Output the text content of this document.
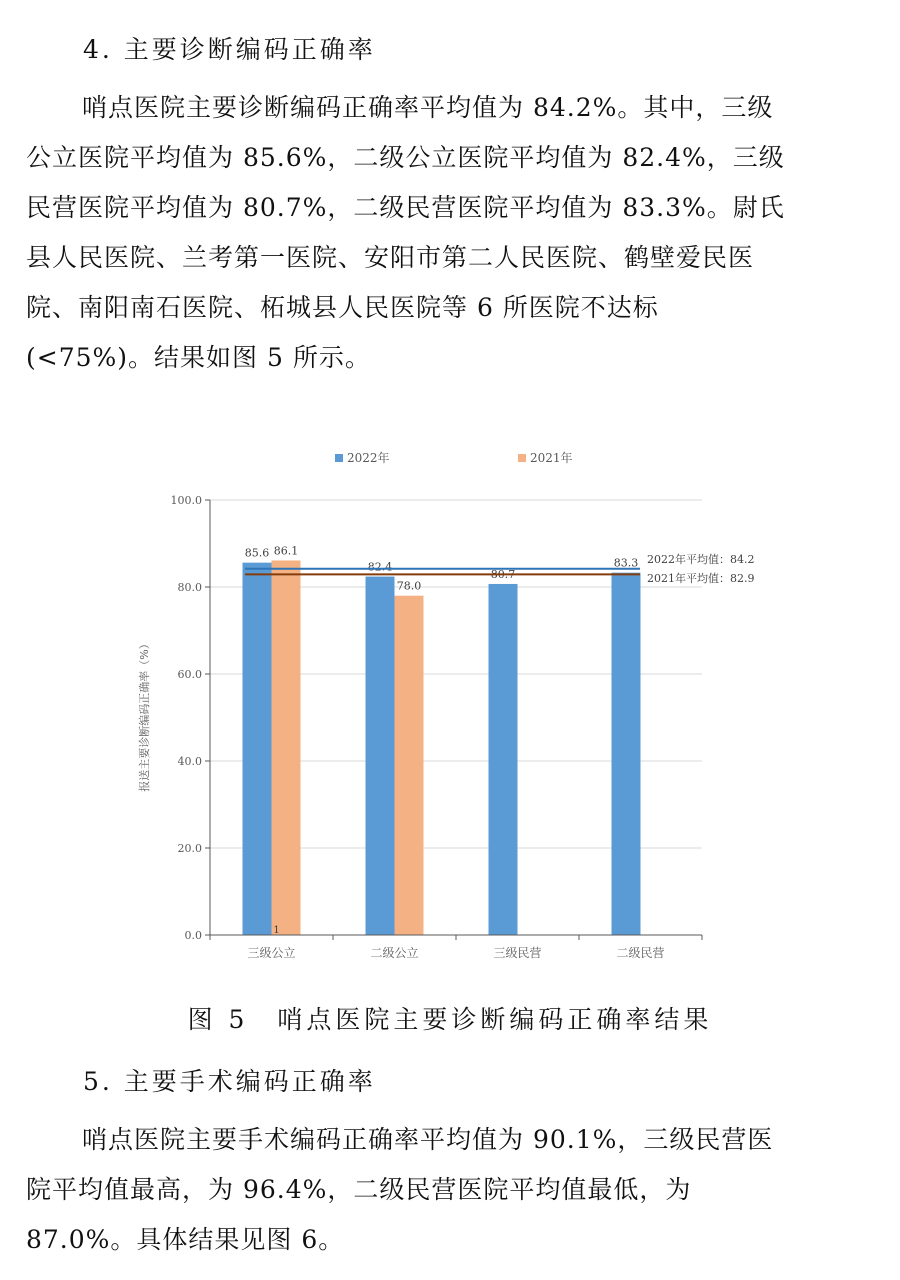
4. 主要诊断编码正确率
哨点医院主要诊断编码正确率平均值为 84.2%。其中，三级
公立医院平均值为 85.6%，二级公立医院平均值为 82.4%，三级
民营医院平均值为 80.7%，二级民营医院平均值为 83.3%。尉氏
县人民医院、兰考第一医院、安阳市第二人民医院、鹤壁爱民医
院、南阳南石医院、柘城县人民医院等 6 所医院不达标
(<75%)。结果如图 5 所示。
2022年	2021年
0.0
20.0
40.0
60.0
80.0
100.0
报送主要诊断编码正确率（%）
85.6 86.1
82.4
78.0
80.7
83.3
1
2022年平均值：84.2
2021年平均值：82.9
三级公立	二级公立	三级民营	二级民营
图 5　哨点医院主要诊断编码正确率结果
5. 主要手术编码正确率
哨点医院主要手术编码正确率平均值为 90.1%，三级民营医
院平均值最高，为 96.4%，二级民营医院平均值最低，为
87.0%。具体结果见图 6。
